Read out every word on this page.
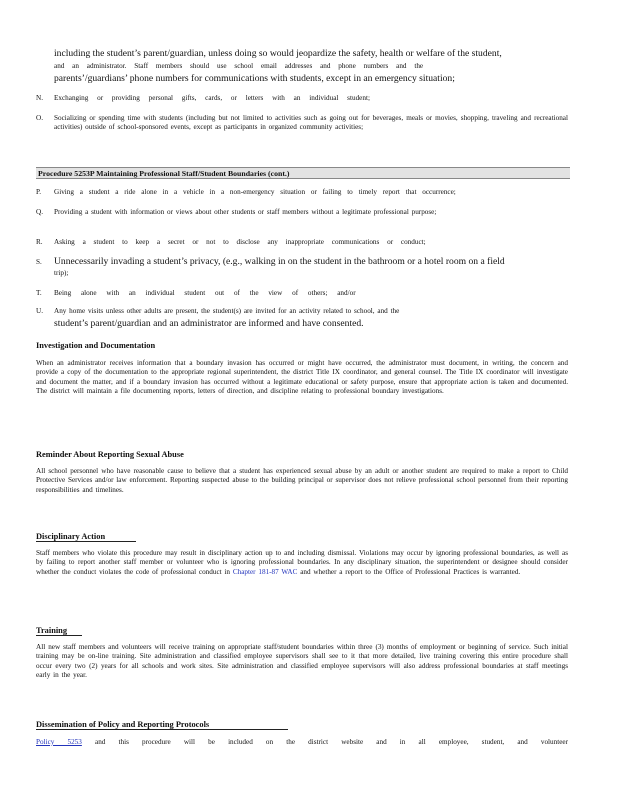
including the student’s parent/guardian, unless doing so would jeopardize the safety, health or welfare of the student,
and an administrator. Staff members should use school email addresses and phone numbers and the
parents’/guardians’ phone numbers for communications with students, except in an emergency situation;
N.	Exchanging or providing personal gifts, cards, or letters with an individual student;
O.	Socializing or spending time with students (including but not limited to activities such as going out for beverages, meals or movies, shopping, traveling and recreational activities) outside of school-sponsored events, except as participants in organized community activities;
Procedure 5253P Maintaining Professional Staff/Student Boundaries (cont.)
P.	Giving a student a ride alone in a vehicle in a non-emergency situation or failing to timely report that occurrence;
Q.	Providing a student with information or views about other students or staff members without a legitimate professional purpose;
R.	Asking a student to keep a secret or not to disclose any inappropriate communications or conduct;
S.	Unnecessarily invading a student’s privacy, (e.g., walking in on the student in the bathroom or a hotel room on a field
trip);
T.	Being alone with an individual student out of the view of others; and/or
U.	Any home visits unless other adults are present, the student(s) are invited for an activity related to school, and the
student’s parent/guardian and an administrator are informed and have consented.
Investigation and Documentation
When an administrator receives information that a boundary invasion has occurred or might have occurred, the administrator must document, in writing, the concern and provide a copy of the documentation to the appropriate regional superintendent, the district Title IX coordinator, and general counsel. The Title IX coordinator will investigate and document the matter, and if a boundary invasion has occurred without a legitimate educational or safety purpose, ensure that appropriate action is taken and documented. The district will maintain a file documenting reports, letters of direction, and discipline relating to professional boundary investigations.
Reminder About Reporting Sexual Abuse
All school personnel who have reasonable cause to believe that a student has experienced sexual abuse by an adult or another student are required to make a report to Child Protective Services and/or law enforcement. Reporting suspected abuse to the building principal or supervisor does not relieve professional school personnel from their reporting responsibilities and timelines.
Disciplinary Action
Staff members who violate this procedure may result in disciplinary action up to and including dismissal. Violations may occur by ignoring professional boundaries, as well as by failing to report another staff member or volunteer who is ignoring professional boundaries. In any disciplinary situation, the superintendent or designee should consider whether the conduct violates the code of professional conduct in Chapter 181-87 WAC and whether a report to the Office of Professional Practices is warranted.
Training
All new staff members and volunteers will receive training on appropriate staff/student boundaries within three (3) months of employment or beginning of service. Such initial training may be on-line training. Site administration and classified employee supervisors shall see to it that more detailed, live training covering this entire procedure shall occur every two (2) years for all schools and work sites. Site administration and classified employee supervisors will also address professional boundaries at staff meetings early in the year.
Dissemination of Policy and Reporting Protocols
Policy 5253 and this procedure will be included on the district website and in all employee, student, and volunteer
